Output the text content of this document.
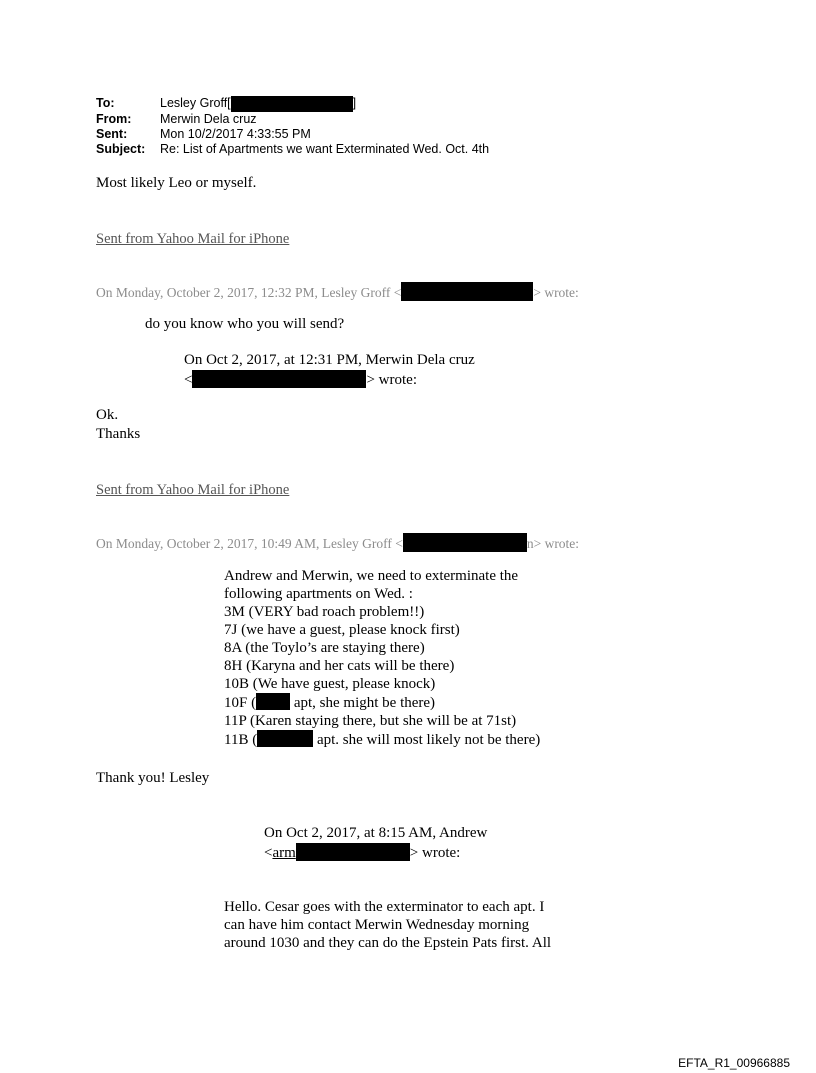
To:	Lesley Groff[	]
From:	Merwin Dela cruz
Sent:	Mon 10/2/2017 4:33:55 PM
Subject:	Re: List of Apartments we want Exterminated Wed. Oct. 4th
Most likely Leo or myself.
Sent from Yahoo Mail for iPhone
On Monday, October 2, 2017, 12:32 PM, Lesley Groff <	> wrote:
do you know who you will send?
On Oct 2, 2017, at 12:31 PM, Merwin Dela cruz
<	> wrote:
Ok.
Thanks
Sent from Yahoo Mail for iPhone
On Monday, October 2, 2017, 10:49 AM, Lesley Groff <	n> wrote:
Andrew and Merwin, we need to exterminate the
following apartments on Wed. :
3M (VERY bad roach problem!!)
7J (we have a guest, please knock first)
8A (the Toylo’s are staying there)
8H (Karyna and her cats will be there)
10B (We have guest, please knock)
10F ( apt, she might be there)
11P (Karen staying there, but she will be at 71st)
11B (	apt. she will most likely not be there)
Thank you! Lesley
On Oct 2, 2017, at 8:15 AM, Andrew
<arm	> wrote:
Hello. Cesar goes with the exterminator to each apt. I
can have him contact Merwin Wednesday morning
around 1030 and they can do the Epstein Pats first. All
EFTA_R1_00966885
